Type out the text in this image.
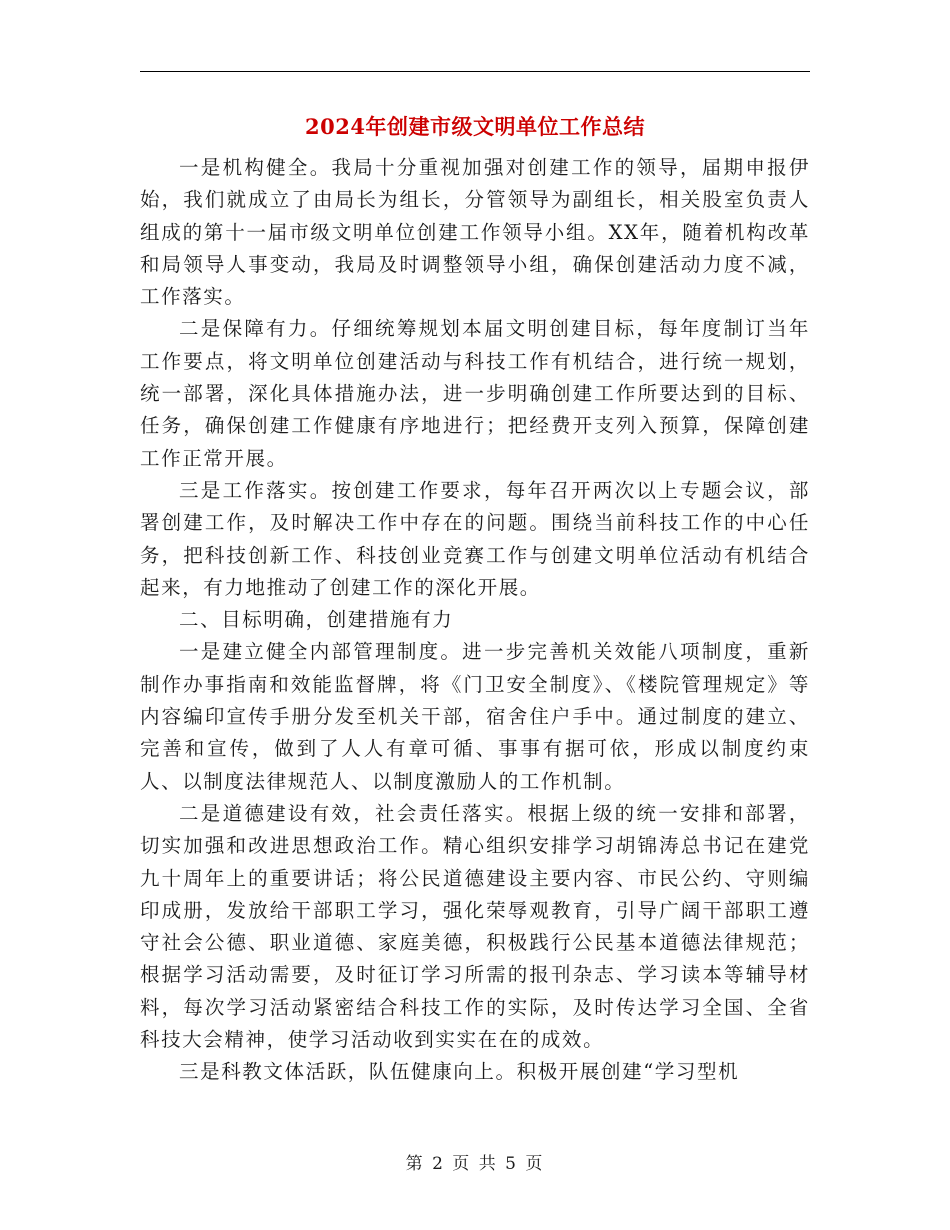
2024年创建市级文明单位工作总结

一是机构健全。我局十分重视加强对创建工作的领导，届期申报伊始，我们就成立了由局长为组长，分管领导为副组长，相关股室负责人组成的第十一届市级文明单位创建工作领导小组。XX年，随着机构改革和局领导人事变动，我局及时调整领导小组，确保创建活动力度不减，工作落实。

二是保障有力。仔细统筹规划本届文明创建目标，每年度制订当年工作要点，将文明单位创建活动与科技工作有机结合，进行统一规划，统一部署，深化具体措施办法，进一步明确创建工作所要达到的目标、任务，确保创建工作健康有序地进行；把经费开支列入预算，保障创建工作正常开展。

三是工作落实。按创建工作要求，每年召开两次以上专题会议，部署创建工作，及时解决工作中存在的问题。围绕当前科技工作的中心任务，把科技创新工作、科技创业竞赛工作与创建文明单位活动有机结合起来，有力地推动了创建工作的深化开展。

二、目标明确，创建措施有力

一是建立健全内部管理制度。进一步完善机关效能八项制度，重新制作办事指南和效能监督牌，将《门卫安全制度》、《楼院管理规定》等内容编印宣传手册分发至机关干部，宿舍住户手中。通过制度的建立、完善和宣传，做到了人人有章可循、事事有据可依，形成以制度约束人、以制度法律规范人、以制度激励人的工作机制。

二是道德建设有效，社会责任落实。根据上级的统一安排和部署，切实加强和改进思想政治工作。精心组织安排学习胡锦涛总书记在建党九十周年上的重要讲话；将公民道德建设主要内容、市民公约、守则编印成册，发放给干部职工学习，强化荣辱观教育，引导广阔干部职工遵守社会公德、职业道德、家庭美德，积极践行公民基本道德法律规范；根据学习活动需要，及时征订学习所需的报刊杂志、学习读本等辅导材料，每次学习活动紧密结合科技工作的实际，及时传达学习全国、全省科技大会精神，使学习活动收到实实在在的成效。

三是科教文体活跃，队伍健康向上。积极开展创建“学习型机

第 2 页 共 5 页
